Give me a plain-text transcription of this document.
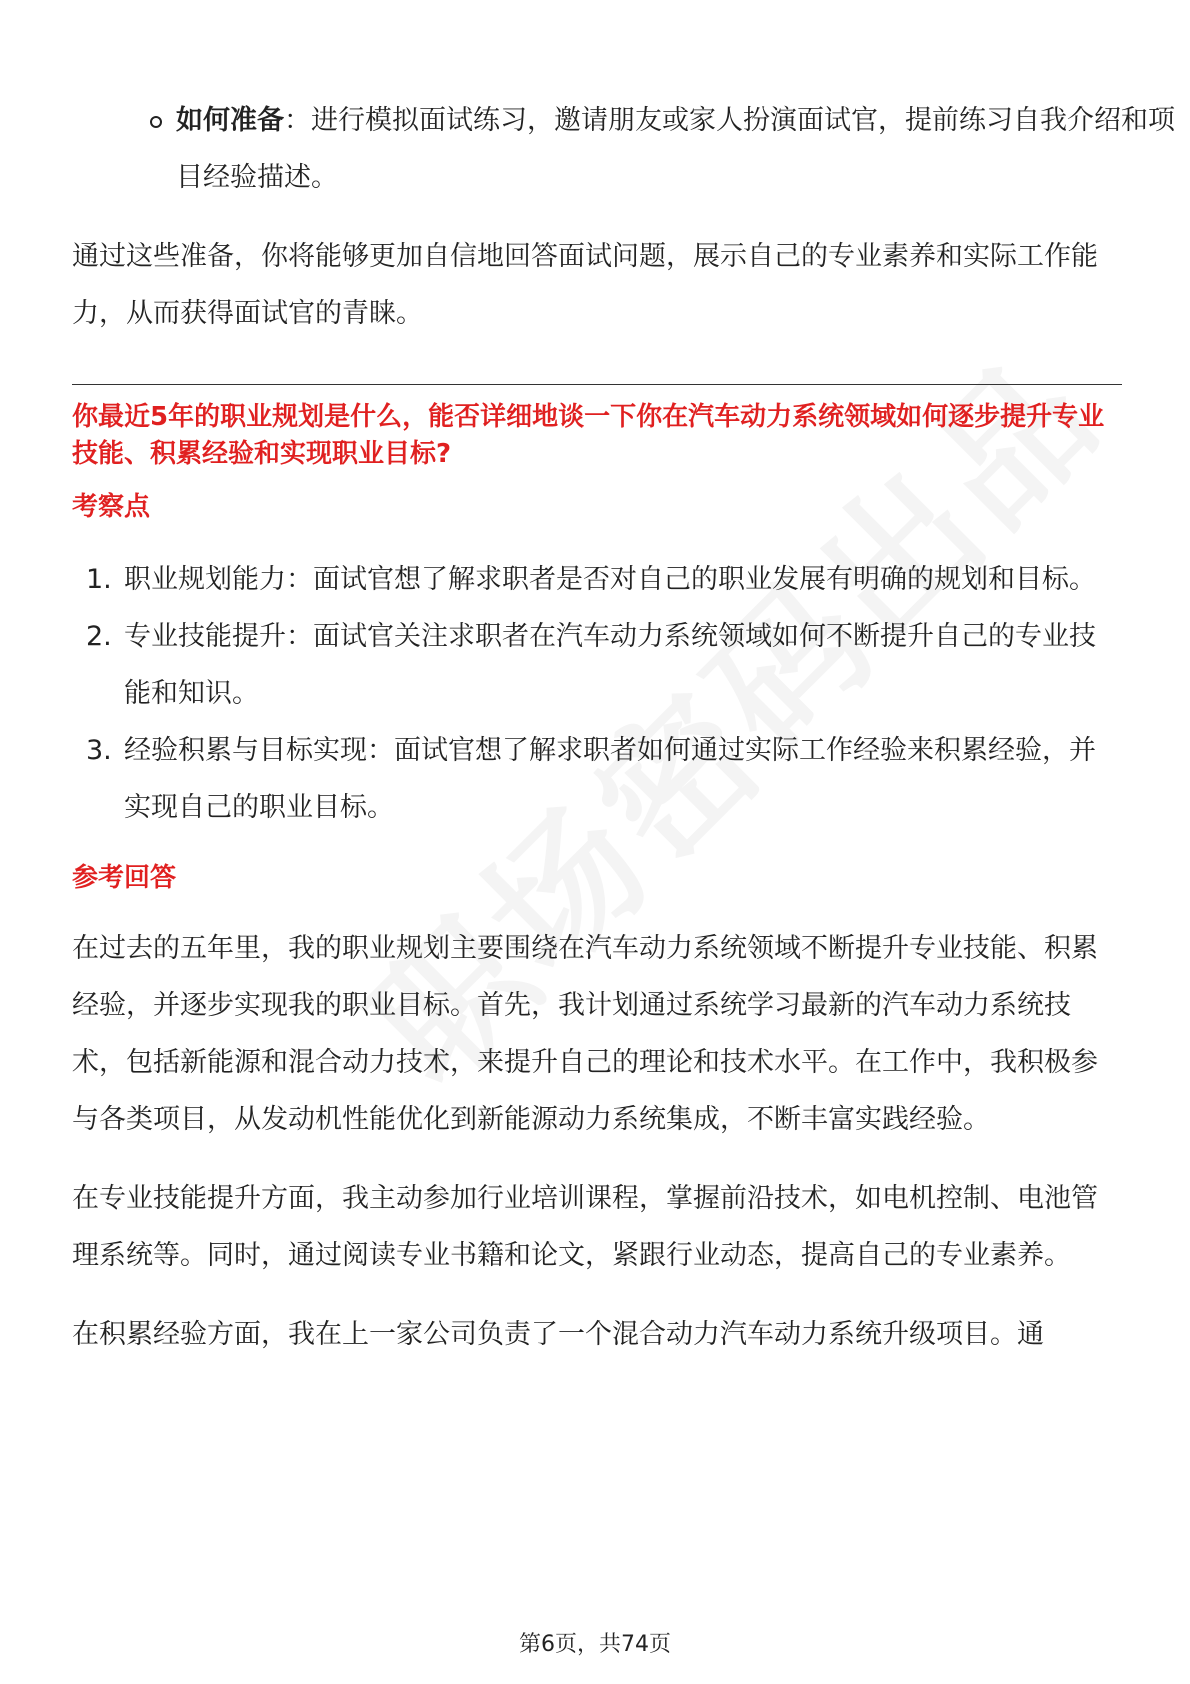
如何准备：进行模拟面试练习，邀请朋友或家人扮演面试官，提前练习自我介绍和项目经验描述。

通过这些准备，你将能够更加自信地回答面试问题，展示自己的专业素养和实际工作能力，从而获得面试官的青睐。

你最近5年的职业规划是什么，能否详细地谈一下你在汽车动力系统领域如何逐步提升专业技能、积累经验和实现职业目标?

考察点

1. 职业规划能力：面试官想了解求职者是否对自己的职业发展有明确的规划和目标。
2. 专业技能提升：面试官关注求职者在汽车动力系统领域如何不断提升自己的专业技能和知识。
3. 经验积累与目标实现：面试官想了解求职者如何通过实际工作经验来积累经验，并实现自己的职业目标。

参考回答

在过去的五年里，我的职业规划主要围绕在汽车动力系统领域不断提升专业技能、积累经验，并逐步实现我的职业目标。首先，我计划通过系统学习最新的汽车动力系统技术，包括新能源和混合动力技术，来提升自己的理论和技术水平。在工作中，我积极参与各类项目，从发动机性能优化到新能源动力系统集成，不断丰富实践经验。

在专业技能提升方面，我主动参加行业培训课程，掌握前沿技术，如电机控制、电池管理系统等。同时，通过阅读专业书籍和论文，紧跟行业动态，提高自己的专业素养。

在积累经验方面，我在上一家公司负责了一个混合动力汽车动力系统升级项目。通

第6页，共74页
